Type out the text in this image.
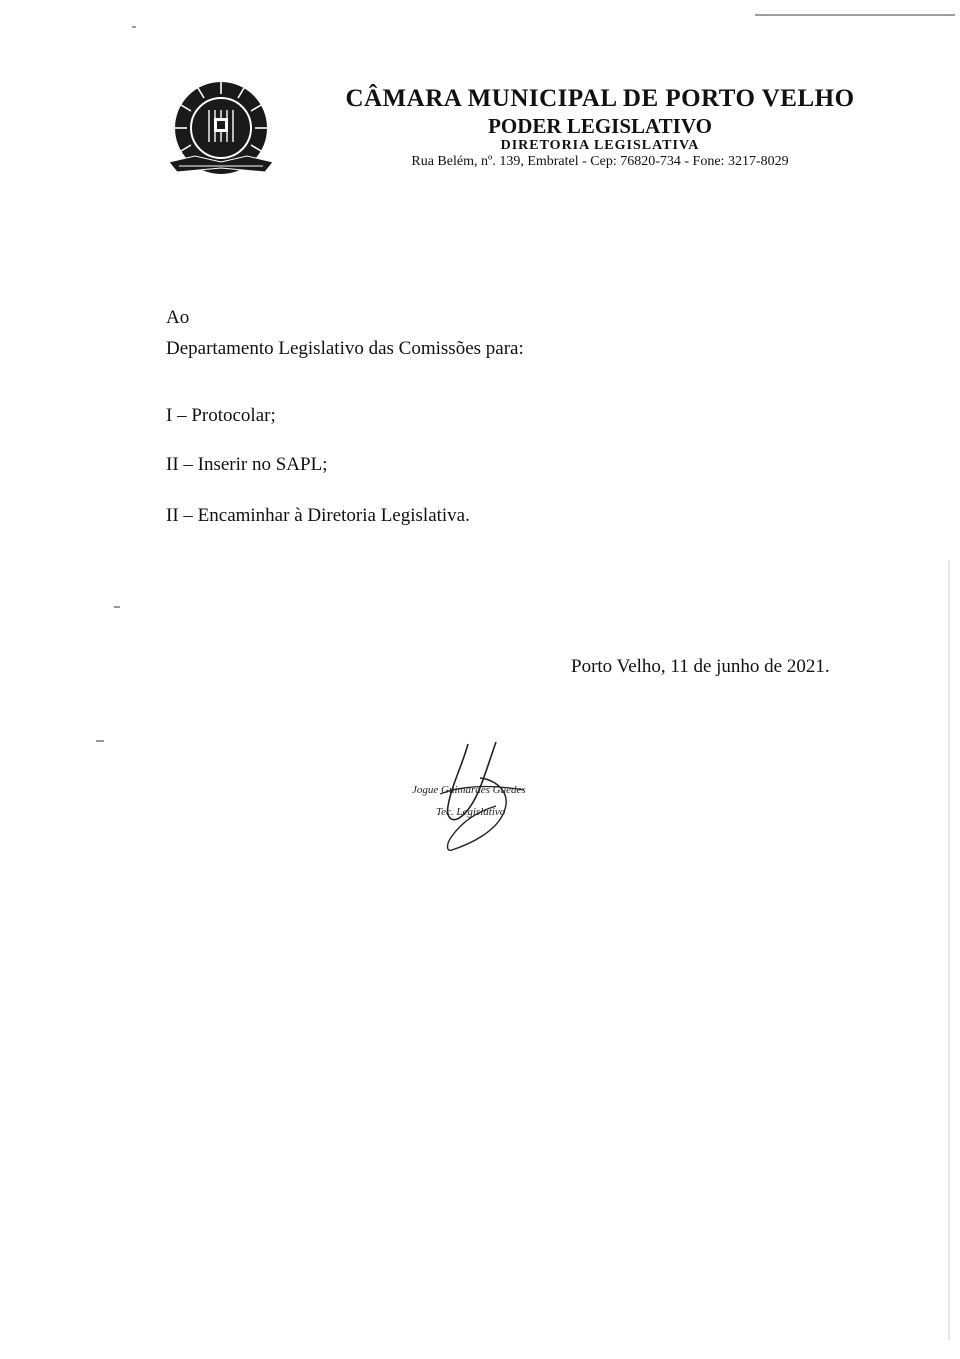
CÂMARA MUNICIPAL DE PORTO VELHO
PODER LEGISLATIVO
DIRETORIA LEGISLATIVA
Rua Belém, nº. 139, Embratel - Cep: 76820-734 - Fone: 3217-8029
Ao
Departamento Legislativo das Comissões para:
I – Protocolar;
II – Inserir no SAPL;
II – Encaminhar à Diretoria Legislativa.
Porto Velho, 11 de junho de 2021.
Jogue Guimarães Guedes
Tec. Legislativo
